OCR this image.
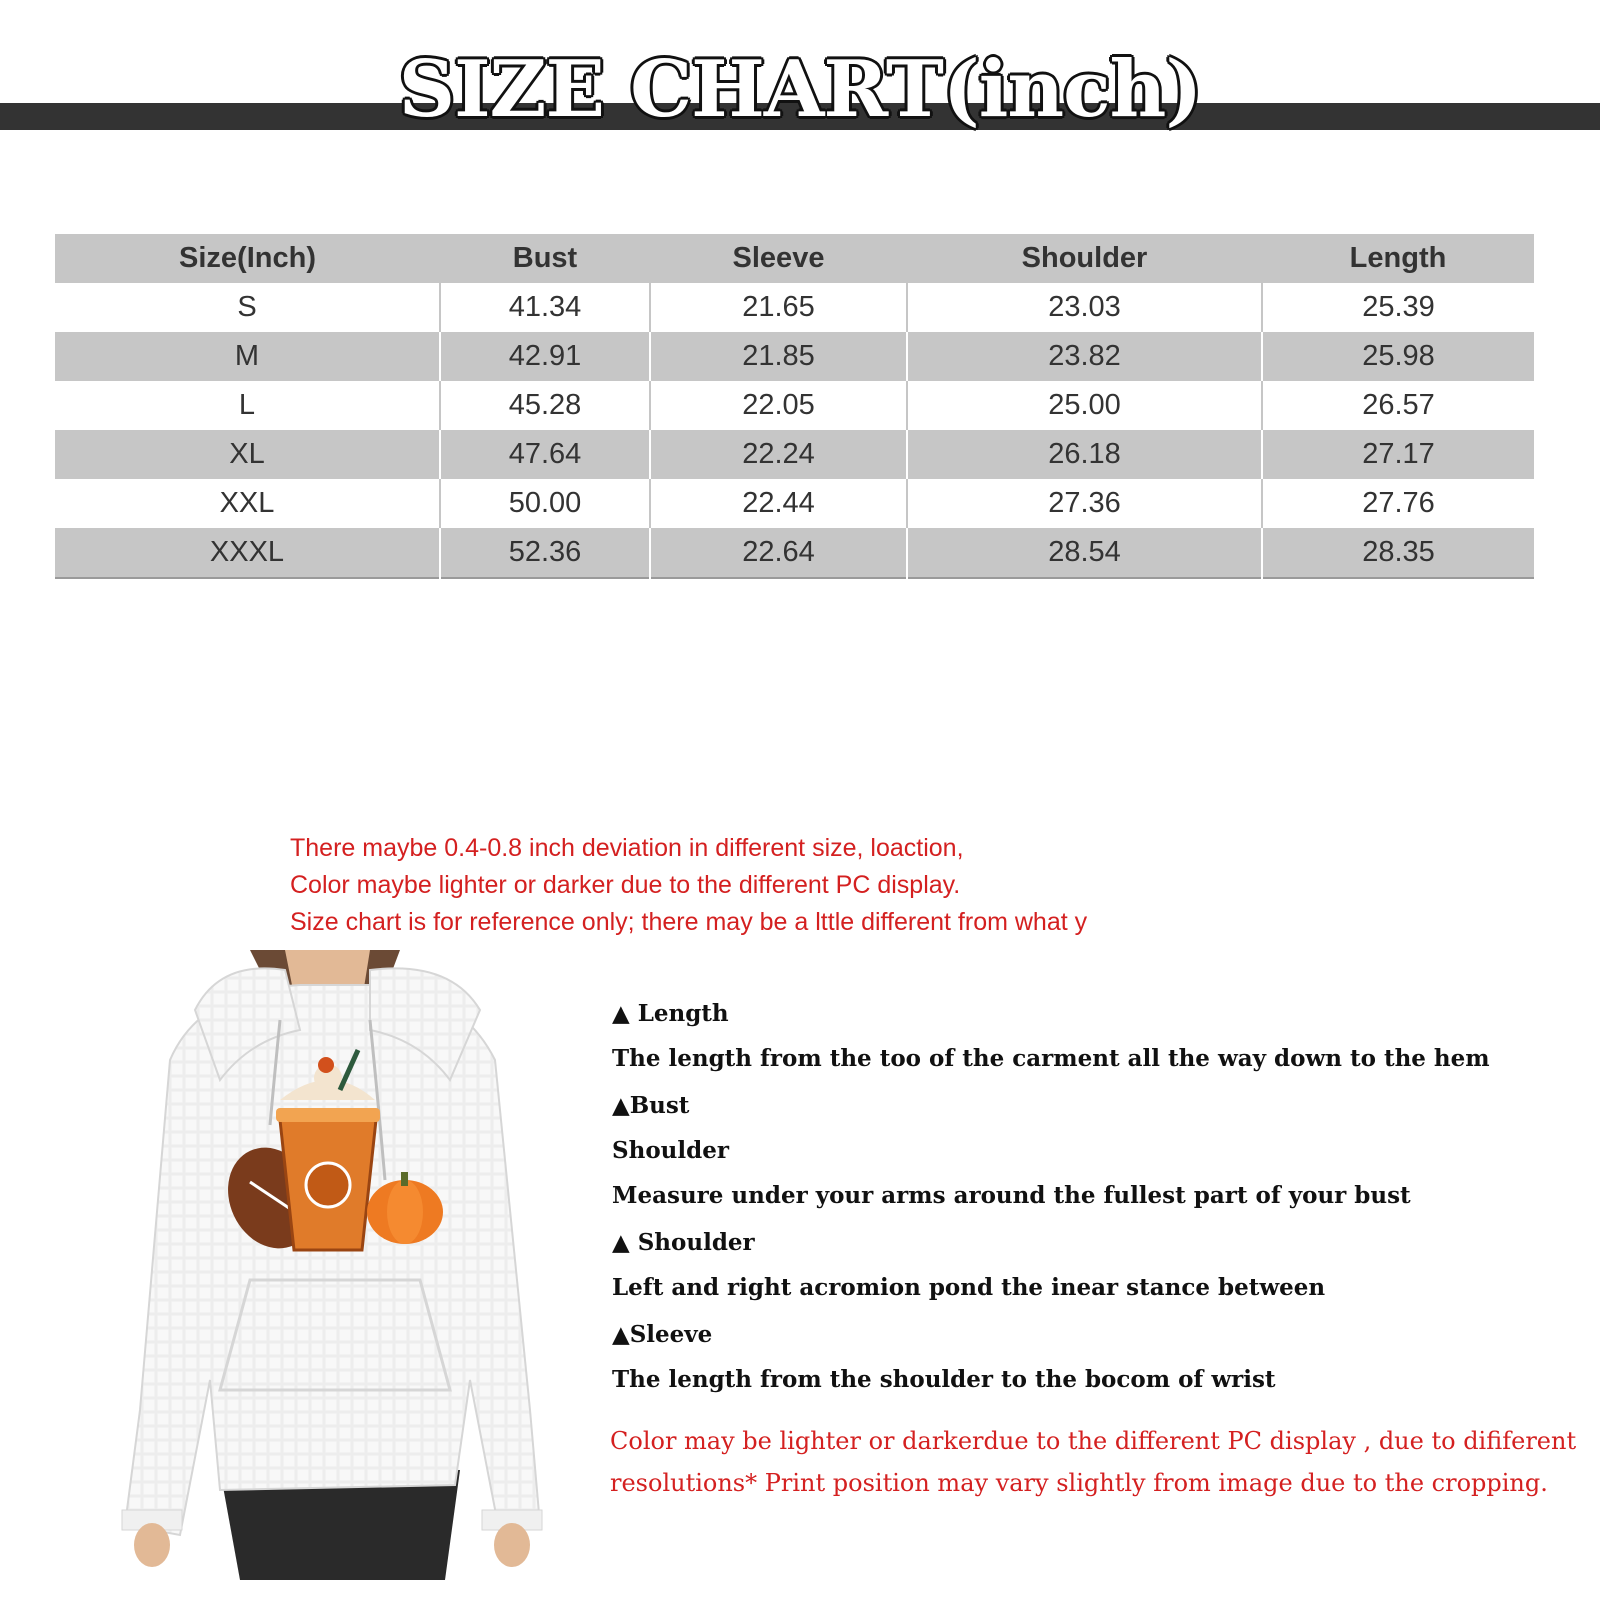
SIZE CHART(inch)
Size(Inch)	Bust	Sleeve	Shoulder	Length
S	41.34	21.65	23.03	25.39
M	42.91	21.85	23.82	25.98
L	45.28	22.05	25.00	26.57
XL	47.64	22.24	26.18	27.17
XXL	50.00	22.44	27.36	27.76
XXXL	52.36	22.64	28.54	28.35
There maybe 0.4-0.8 inch deviation in different size, loaction,
Color maybe lighter or darker due to the different PC display.
Size chart is for reference only; there may be a lttle different from what y
▲ Length
The length from the too of the carment all the way down to the hem
▲Bust
Shoulder
Measure under your arms around the fullest part of your bust
▲ Shoulder
Left and right acromion pond the inear stance between
▲Sleeve
The length from the shoulder to the bocom of wrist
Color may be lighter or darkerdue to the different PC display , due to dififerent
resolutions* Print position may vary slightly from image due to the cropping.
